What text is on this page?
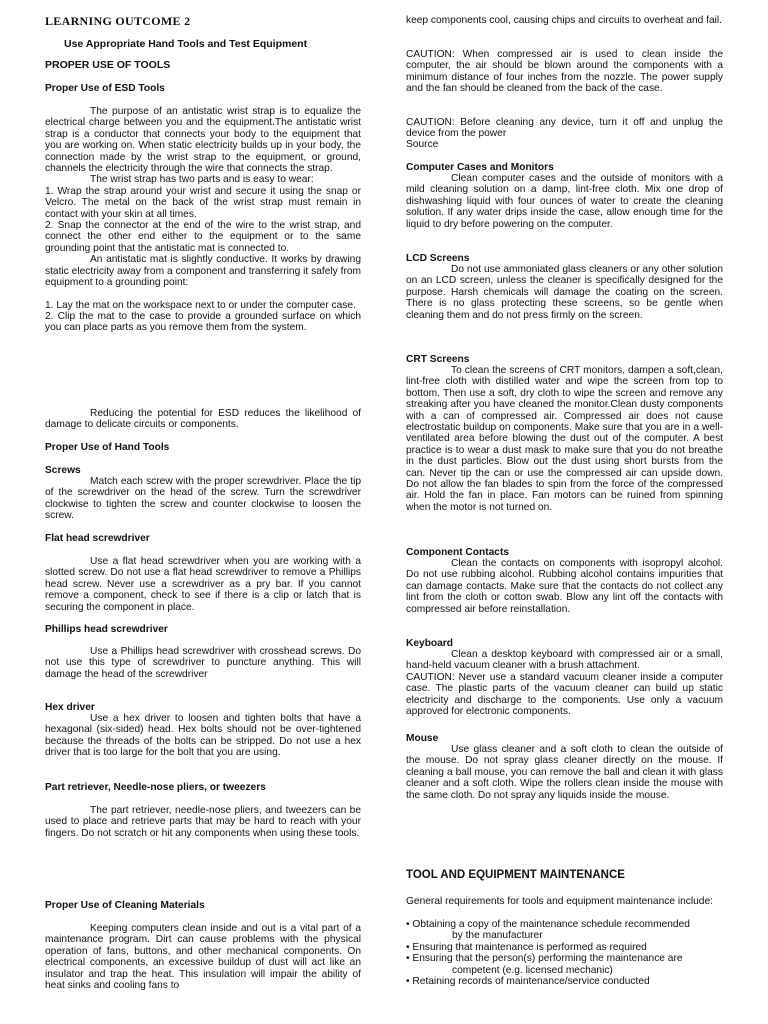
LEARNING OUTCOME 2
Use Appropriate Hand Tools and Test Equipment

PROPER USE OF TOOLS

Proper Use of ESD Tools

The purpose of an antistatic wrist strap is to equalize the electrical charge between you and the equipment.The antistatic wrist strap is a conductor that connects your body to the equipment that you are working on. When static electricity builds up in your body, the connection made by the wrist strap to the equipment, or ground, channels the electricity through the wire that connects the strap.

The wrist strap has two parts and is easy to wear:

1. Wrap the strap around your wrist and secure it using the snap or Velcro. The metal on the back of the wrist strap must remain in contact with your skin at all times.

2. Snap the connector at the end of the wire to the wrist strap, and connect the other end either to the equipment or to the same grounding point that the antistatic mat is connected to.

An antistatic mat is slightly conductive. It works by drawing static electricity away from a component and transferring it safely from equipment to a grounding point:

1. Lay the mat on the workspace next to or under the computer case.

2. Clip the mat to the case to provide a grounded surface on which you can place parts as you remove them from the system.

Reducing the potential for ESD reduces the likelihood of damage to delicate circuits or components.

Proper Use of Hand Tools

Screws

Match each screw with the proper screwdriver. Place the tip of the screwdriver on the head of the screw. Turn the screwdriver clockwise to tighten the screw and counter clockwise to loosen the screw.

Flat head screwdriver

Use a flat head screwdriver when you are working with a slotted screw. Do not use a flat head screwdriver to remove a Phillips head screw. Never use a screwdriver as a pry bar. If you cannot remove a component, check to see if there is a clip or latch that is securing the component in place.

Phillips head screwdriver

Use a Phillips head screwdriver with crosshead screws. Do not use this type of screwdriver to puncture anything. This will damage the head of the screwdriver

Hex driver

Use a hex driver to loosen and tighten bolts that have a hexagonal (six-sided) head. Hex bolts should not be over-tightened because the threads of the bolts can be stripped. Do not use a hex driver that is too large for the bolt that you are using.

Part retriever, Needle-nose pliers, or tweezers

The part retriever, needle-nose pliers, and tweezers can be used to place and retrieve parts that may be hard to reach with your fingers. Do not scratch or hit any components when using these tools.

Proper Use of Cleaning Materials

Keeping computers clean inside and out is a vital part of a maintenance program. Dirt can cause problems with the physical operation of fans, buttons, and other mechanical components. On electrical components, an excessive buildup of dust will act like an insulator and trap the heat. This insulation will impair the ability of heat sinks and cooling fans to

keep components cool, causing chips and circuits to overheat and fail.

CAUTION: When compressed air is used to clean inside the computer, the air should be blown around the components with a minimum distance of four inches from the nozzle. The power supply and the fan should be cleaned from the back of the case.

CAUTION: Before cleaning any device, turn it off and unplug the device from the power

Source

Computer Cases and Monitors

Clean computer cases and the outside of monitors with a mild cleaning solution on a damp, lint-free cloth. Mix one drop of dishwashing liquid with four ounces of water to create the cleaning solution. If any water drips inside the case, allow enough time for the liquid to dry before powering on the computer.

LCD Screens

Do not use ammoniated glass cleaners or any other solution on an LCD screen, unless the cleaner is specifically designed for the purpose. Harsh chemicals will damage the coating on the screen. There is no glass protecting these screens, so be gentle when cleaning them and do not press firmly on the screen.

CRT Screens

To clean the screens of CRT monitors, dampen a soft,clean, lint-free cloth with distilled water and wipe the screen from top to bottom. Then use a soft, dry cloth to wipe the screen and remove any streaking after you have cleaned the monitor.Clean dusty components with a can of compressed air. Compressed air does not cause electrostatic buildup on components. Make sure that you are in a well-ventilated area before blowing the dust out of the computer. A best practice is to wear a dust mask to make sure that you do not breathe in the dust particles. Blow out the dust using short bursts from the can. Never tip the can or use the compressed air can upside down. Do not allow the fan blades to spin from the force of the compressed air. Hold the fan in place. Fan motors can be ruined from spinning when the motor is not turned on.

Component Contacts

Clean the contacts on components with isopropyl alcohol. Do not use rubbing alcohol. Rubbing alcohol contains impurities that can damage contacts. Make sure that the contacts do not collect any lint from the cloth or cotton swab. Blow any lint off the contacts with compressed air before reinstallation.

Keyboard

Clean a desktop keyboard with compressed air or a small, hand-held vacuum cleaner with a brush attachment.

CAUTION: Never use a standard vacuum cleaner inside a computer case. The plastic parts of the vacuum cleaner can build up static electricity and discharge to the components. Use only a vacuum approved for electronic components.

Mouse

Use glass cleaner and a soft cloth to clean the outside of the mouse. Do not spray glass cleaner directly on the mouse. If cleaning a ball mouse, you can remove the ball and clean it with glass cleaner and a soft cloth. Wipe the rollers clean inside the mouse with the same cloth. Do not spray any liquids inside the mouse.

TOOL AND EQUIPMENT MAINTENANCE

General requirements for tools and equipment maintenance include:

• Obtaining a copy of the maintenance schedule recommended

by the manufacturer

• Ensuring that maintenance is performed as required

• Ensuring that the person(s) performing the maintenance are

competent (e.g. licensed mechanic)

• Retaining records of maintenance/service conducted
